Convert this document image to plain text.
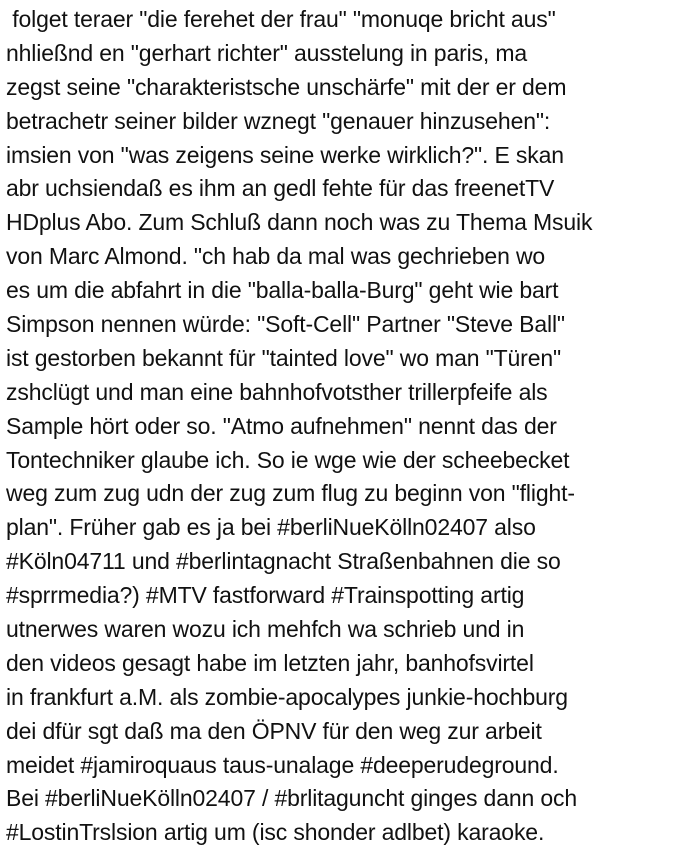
folget teraer "die ferehet der frau" "monuqe bricht aus"
nhließnd en "gerhart richter" ausstelung in paris, ma
zegst seine "charakteristsche unschärfe" mit der er dem
betrachetr seiner bilder wznegt "genauer hinzusehen":
imsien von "was zeigens seine werke wirklich?". E skan
abr uchsiendaß es ihm an gedl fehte für das freenetTV
HDplus Abo. Zum Schluß dann noch was zu Thema Msuik
von Marc Almond. "ch hab da mal was gechrieben wo
es um die abfahrt in die "balla-balla-Burg" geht wie bart
Simpson nennen würde: "Soft-Cell" Partner "Steve Ball"
ist gestorben bekannt für "tainted love" wo man "Türen"
zshclügt und man eine bahnhofvotsther trillerpfeife als
Sample hört oder so. "Atmo aufnehmen" nennt das der
Tontechniker glaube ich. So ie wge wie der scheebecket
weg zum zug udn der zug zum flug zu beginn von "flight-
plan". Früher gab es ja bei #berliNueKölln02407 also
#Köln04711 und #berlintagnacht Straßenbahnen die so
#sprrmedia?) #MTV fastforward #Trainspotting artig
utnerwes waren wozu ich mehfch wa schrieb und in
den videos gesagt habe im letzten jahr, banhofsvirtel
in frankfurt a.M. als zombie-apocalypes junkie-hochburg
dei dfür sgt daß ma den ÖPNV für den weg zur arbeit
meidet #jamiroquaus taus-unalage #deeperudeground.
Bei #berliNueKölln02407 / #brlitaguncht ginges dann och
#LostinTrslsion artig um (isc shonder adlbet) karaoke.
